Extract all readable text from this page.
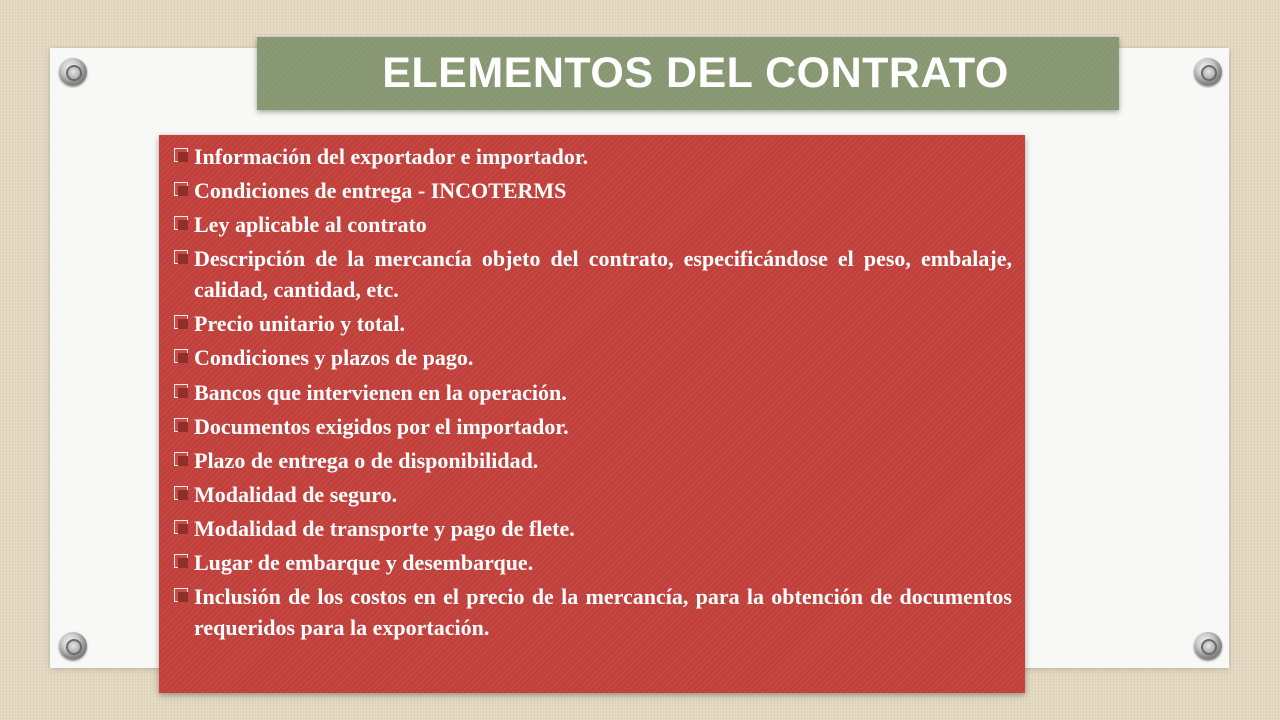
ELEMENTOS DEL CONTRATO
Información del exportador e importador.
Condiciones de entrega - INCOTERMS
Ley aplicable al contrato
Descripción de la mercancía objeto del contrato, especificándose el peso, embalaje, calidad, cantidad, etc.
Precio unitario y total.
Condiciones y plazos de pago.
Bancos que intervienen en la operación.
Documentos exigidos por el importador.
Plazo de entrega o de disponibilidad.
Modalidad de seguro.
Modalidad de transporte y pago de flete.
Lugar de embarque y desembarque.
Inclusión de los costos en el precio de la mercancía, para la obtención de documentos requeridos para la exportación.
